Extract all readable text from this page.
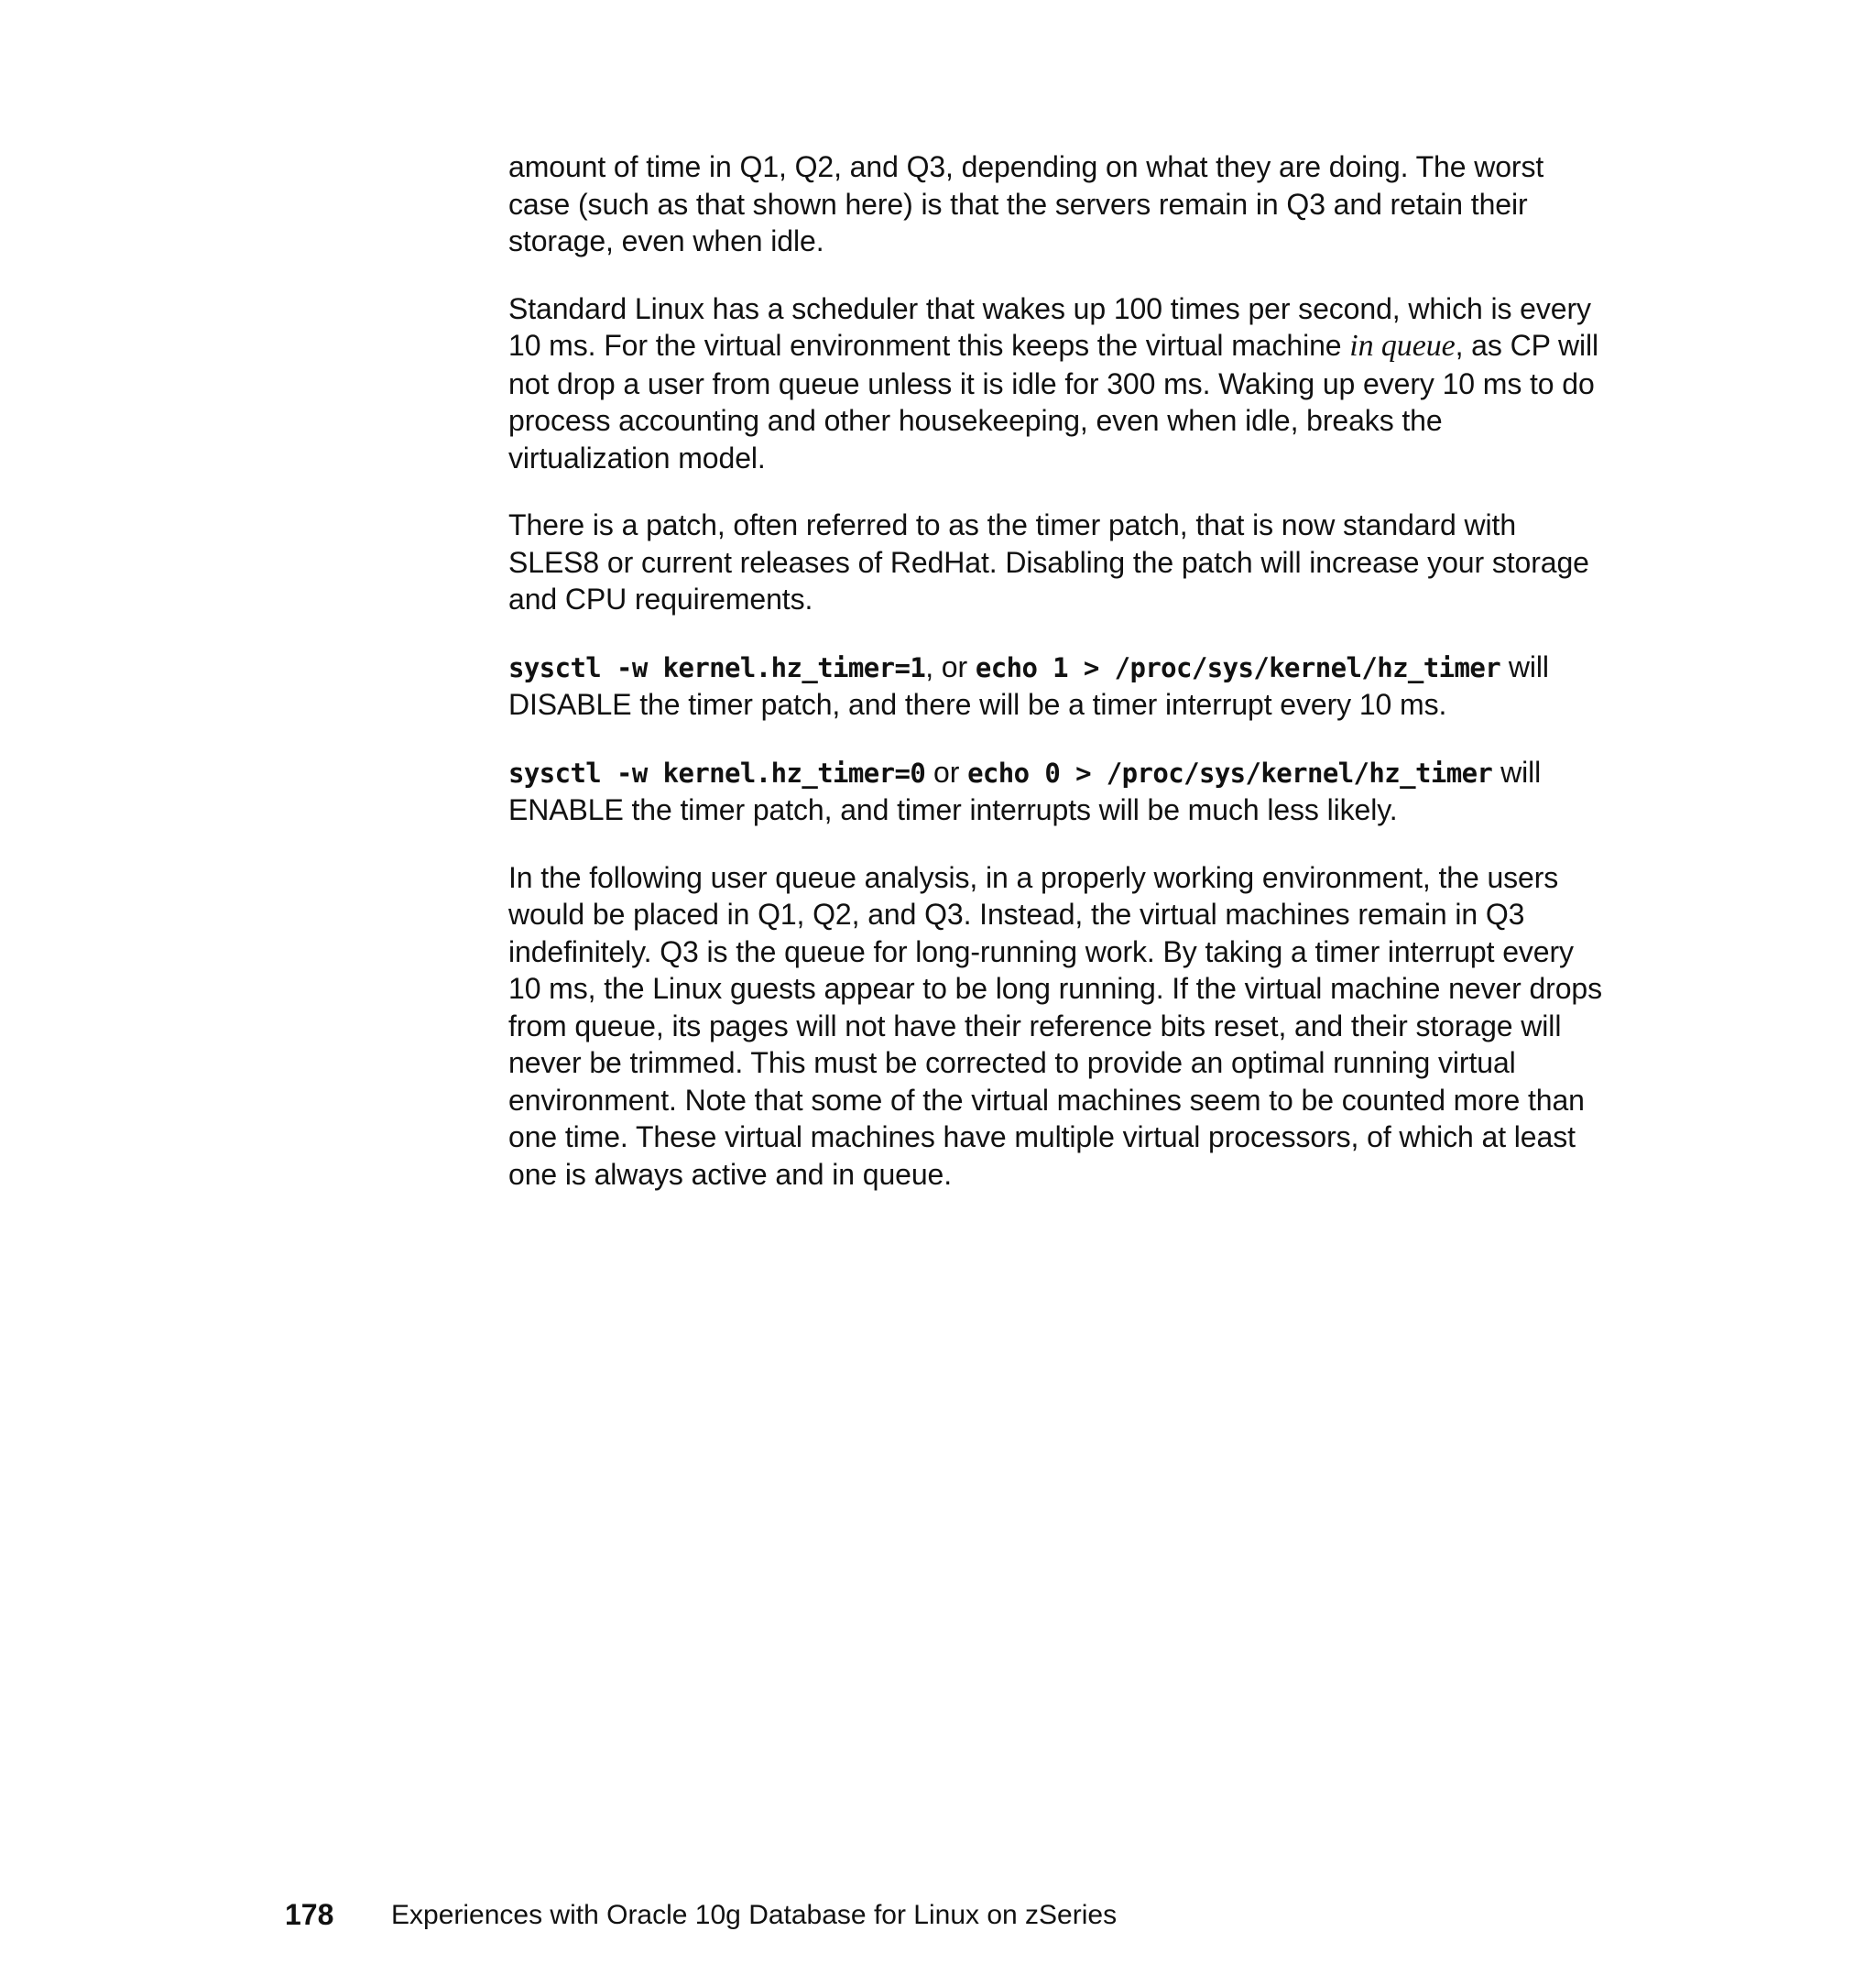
amount of time in Q1, Q2, and Q3, depending on what they are doing. The worst case (such as that shown here) is that the servers remain in Q3 and retain their storage, even when idle.

Standard Linux has a scheduler that wakes up 100 times per second, which is every 10 ms. For the virtual environment this keeps the virtual machine in queue, as CP will not drop a user from queue unless it is idle for 300 ms. Waking up every 10 ms to do process accounting and other housekeeping, even when idle, breaks the virtualization model.

There is a patch, often referred to as the timer patch, that is now standard with SLES8 or current releases of RedHat. Disabling the patch will increase your storage and CPU requirements.

sysctl -w kernel.hz_timer=1, or echo 1 > /proc/sys/kernel/hz_timer will DISABLE the timer patch, and there will be a timer interrupt every 10 ms.

sysctl -w kernel.hz_timer=0 or echo 0 > /proc/sys/kernel/hz_timer will ENABLE the timer patch, and timer interrupts will be much less likely.

In the following user queue analysis, in a properly working environment, the users would be placed in Q1, Q2, and Q3. Instead, the virtual machines remain in Q3 indefinitely. Q3 is the queue for long-running work. By taking a timer interrupt every 10 ms, the Linux guests appear to be long running. If the virtual machine never drops from queue, its pages will not have their reference bits reset, and their storage will never be trimmed. This must be corrected to provide an optimal running virtual environment. Note that some of the virtual machines seem to be counted more than one time. These virtual machines have multiple virtual processors, of which at least one is always active and in queue.

178 Experiences with Oracle 10g Database for Linux on zSeries
